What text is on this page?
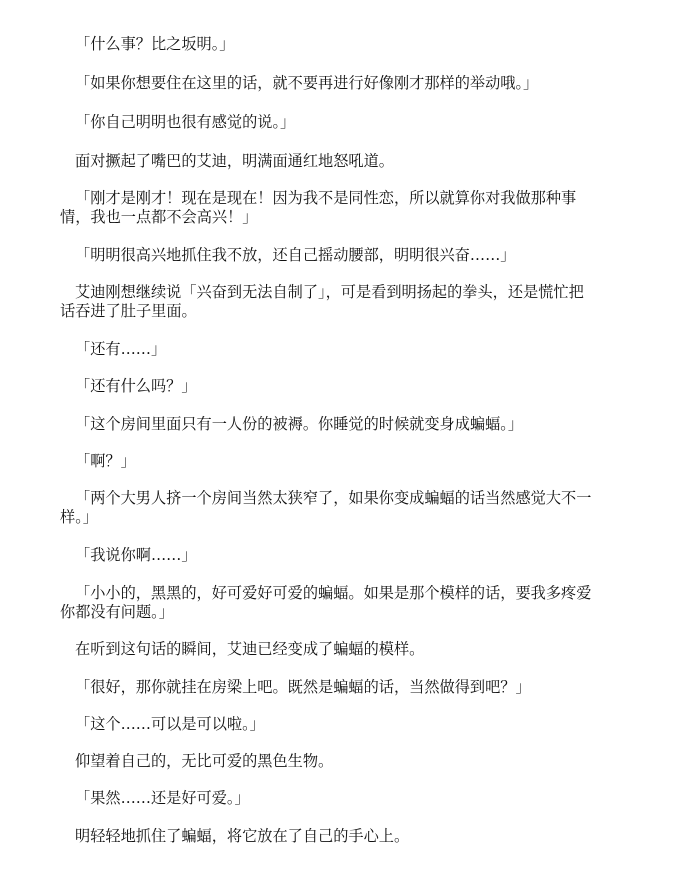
「什么事？比之坂明。」

「如果你想要住在这里的话，就不要再进行好像刚才那样的举动哦。」

「你自己明明也很有感觉的说。」

面对撅起了嘴巴的艾迪，明满面通红地怒吼道。

「刚才是刚才！现在是现在！因为我不是同性恋，所以就算你对我做那种事

情，我也一点都不会高兴！」

「明明很高兴地抓住我不放，还自己摇动腰部，明明很兴奋……」

艾迪刚想继续说「兴奋到无法自制了」，可是看到明扬起的拳头，还是慌忙把

话吞进了肚子里面。

「还有……」

「还有什么吗？」

「这个房间里面只有一人份的被褥。你睡觉的时候就变身成蝙蝠。」

「啊？」

「两个大男人挤一个房间当然太狭窄了，如果你变成蝙蝠的话当然感觉大不一

样。」

「我说你啊……」

「小小的，黑黑的，好可爱好可爱的蝙蝠。如果是那个模样的话，要我多疼爱

你都没有问题。」

在听到这句话的瞬间，艾迪已经变成了蝙蝠的模样。

「很好，那你就挂在房梁上吧。既然是蝙蝠的话，当然做得到吧？」

「这个……可以是可以啦。」

仰望着自己的，无比可爱的黑色生物。

「果然……还是好可爱。」

明轻轻地抓住了蝙蝠，将它放在了自己的手心上。
